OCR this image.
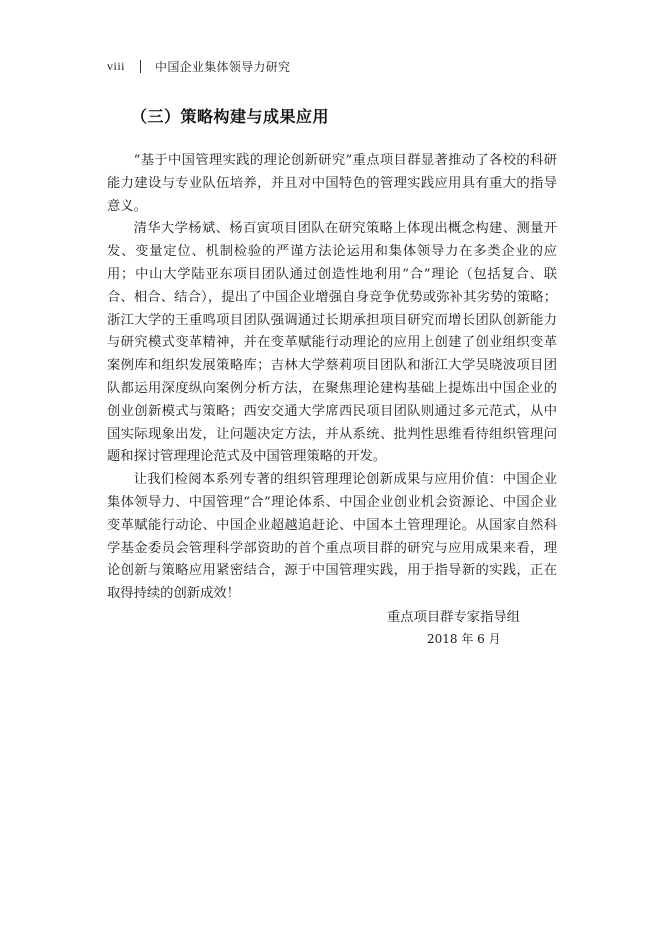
viii	中国企业集体领导力研究
（三）策略构建与成果应用

“基于中国管理实践的理论创新研究”重点项目群显著推动了各校的科研能力建设与专业队伍培养，并且对中国特色的管理实践应用具有重大的指导意义。

清华大学杨斌、杨百寅项目团队在研究策略上体现出概念构建、测量开发、变量定位、机制检验的严谨方法论运用和集体领导力在多类企业的应用；中山大学陆亚东项目团队通过创造性地利用“合”理论（包括复合、联合、相合、结合），提出了中国企业增强自身竞争优势或弥补其劣势的策略；浙江大学的王重鸣项目团队强调通过长期承担项目研究而增长团队创新能力与研究模式变革精神，并在变革赋能行动理论的应用上创建了创业组织变革案例库和组织发展策略库；吉林大学蔡莉项目团队和浙江大学吴晓波项目团队都运用深度纵向案例分析方法，在聚焦理论建构基础上提炼出中国企业的创业创新模式与策略；西安交通大学席西民项目团队则通过多元范式，从中国实际现象出发，让问题决定方法，并从系统、批判性思维看待组织管理问题和探讨管理理论范式及中国管理策略的开发。

让我们检阅本系列专著的组织管理理论创新成果与应用价值：中国企业集体领导力、中国管理“合”理论体系、中国企业创业机会资源论、中国企业变革赋能行动论、中国企业超越追赶论、中国本土管理理论。从国家自然科学基金委员会管理科学部资助的首个重点项目群的研究与应用成果来看，理论创新与策略应用紧密结合，源于中国管理实践，用于指导新的实践，正在取得持续的创新成效！

重点项目群专家指导组
2018 年 6 月
